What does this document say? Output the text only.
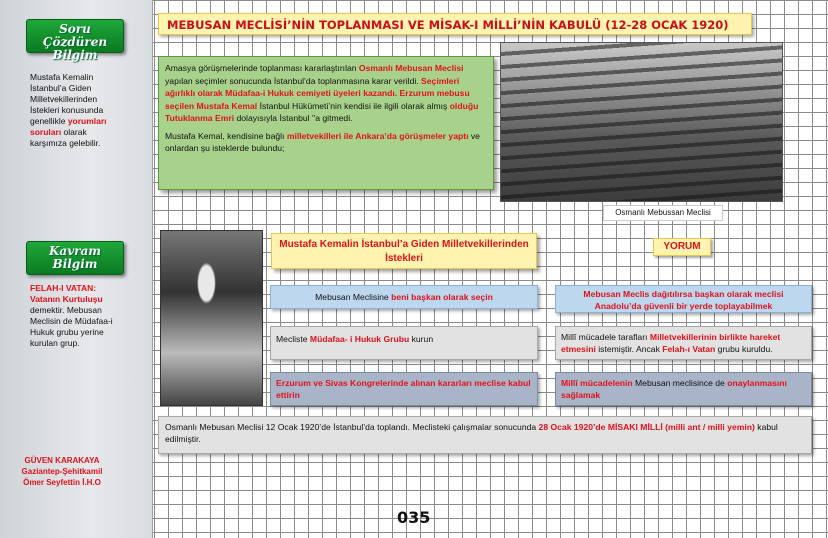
Soru Çözdüren
Bilgim
Mustafa Kemalin İstanbul’a Giden Milletvekillerinden İstekleri konusunda genellikle yorumları soruları olarak karşımıza gelebilir.
Kavram
Bilgim
FELAH-I VATAN: Vatanın Kurtuluşu demektir. Mebusan Meclisin de Müdafaa-i Hukuk grubu yerine kurulan grup.
GÜVEN KARAKAYA Gaziantep-Şehitkamil Ömer Seyfettin İ.H.O
MEBUSAN MECLİSİ’NİN TOPLANMASI VE MİSAK-I MİLLİ’NİN KABULÜ (12-28 OCAK 1920)

Amasya görüşmelerinde toplanması kararlaştırılan Osmanlı Mebusan Meclisi yapılan seçimler sonucunda İstanbul’da toplanmasına karar verildi. Seçimleri ağırlıklı olarak Müdafaa-i Hukuk cemiyeti üyeleri kazandı. Erzurum mebusu seçilen Mustafa Kemal İstanbul Hükümeti’nin kendisi ile ilgili olarak almış olduğu Tutuklanma Emri dolayısıyla İstanbul ''a gitmedi.

Mustafa Kemal, kendisine bağlı milletvekilleri ile Ankara’da görüşmeler yaptı ve onlardan şu isteklerde bulundu;

Osmanlı Mebussan Meclisi
Mustafa Kemalin İstanbul’a Giden Milletvekillerinden İstekleri
YORUM
Mebusan Meclisine beni başkan olarak seçin
Mecliste Müdafaa- i Hukuk Grubu kurun
Erzurum ve Sivas Kongrelerinde alınan kararları meclise kabul ettirin
Mebusan Meclis dağıtılırsa başkan olarak meclisi Anadolu’da güvenli bir yerde toplayabilmek
Millî mücadele tarafları Milletvekillerinin birlikte hareket etmesini istemiştir. Ancak Felah-ı Vatan grubu kuruldu.
Millî mücadelenin Mebusan meclisince de onaylanmasını sağlamak
Osmanlı Mebusan Meclisi 12 Ocak 1920’de İstanbul’da toplandı. Meclisteki çalışmalar sonucunda 28 Ocak 1920’de MİSAKI MİLLİ (milli ant / milli yemin) kabul edilmiştir.
035
